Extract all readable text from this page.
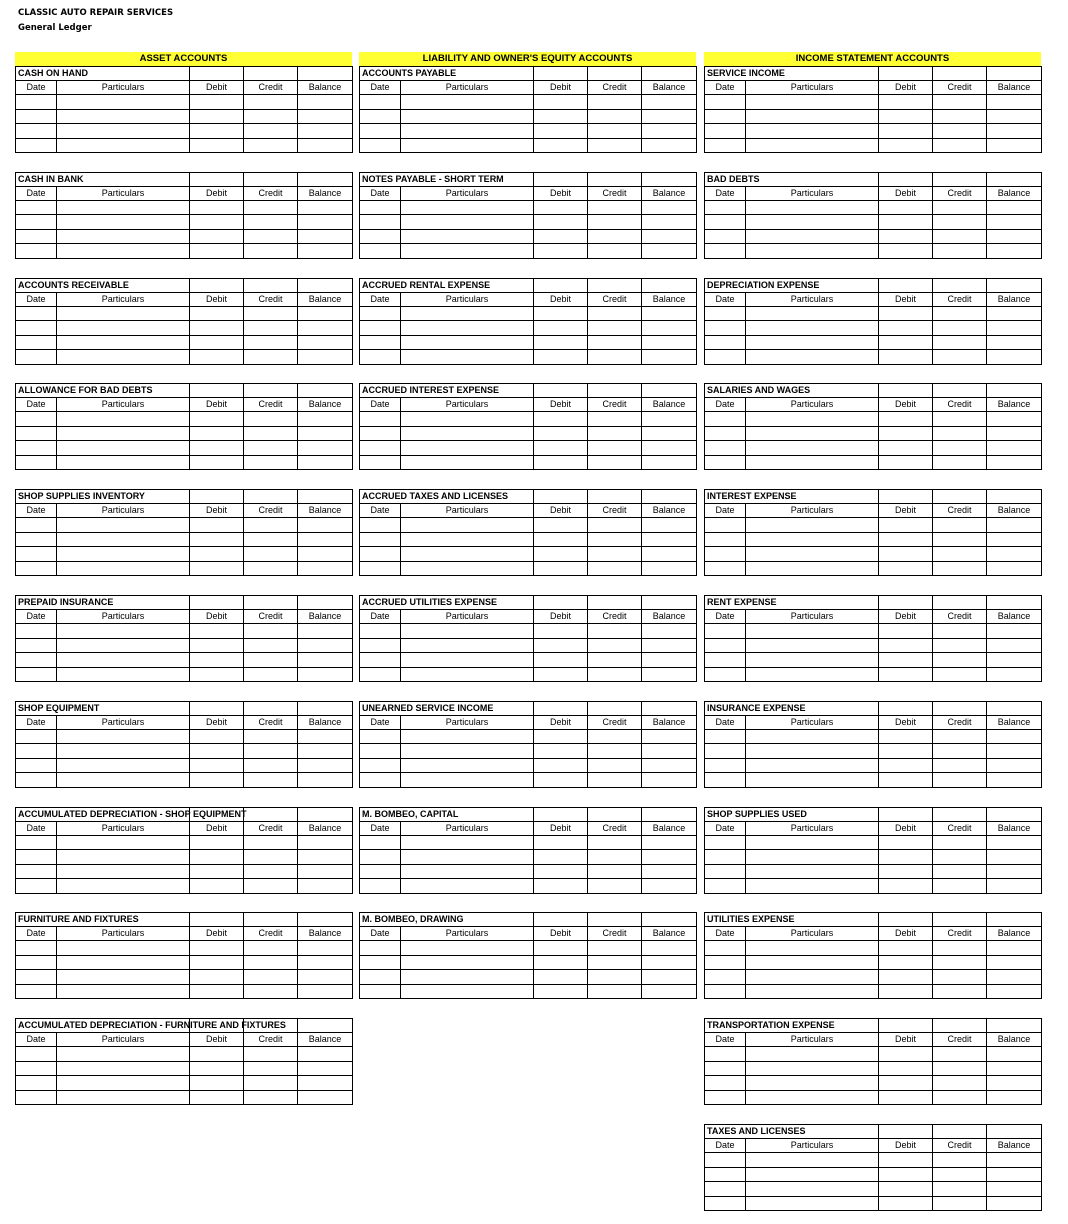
CLASSIC AUTO REPAIR SERVICES
General Ledger
ASSET ACCOUNTS
CASH ON HAND				
Date	Particulars	Debit	Credit	Balance

CASH IN BANK				
Date	Particulars	Debit	Credit	Balance

ACCOUNTS RECEIVABLE				
Date	Particulars	Debit	Credit	Balance

ALLOWANCE FOR BAD DEBTS				
Date	Particulars	Debit	Credit	Balance

SHOP SUPPLIES INVENTORY				
Date	Particulars	Debit	Credit	Balance

PREPAID INSURANCE				
Date	Particulars	Debit	Credit	Balance

SHOP EQUIPMENT				
Date	Particulars	Debit	Credit	Balance

ACCUMULATED DEPRECIATION - SHOP EQUIPMENT				
Date	Particulars	Debit	Credit	Balance

FURNITURE AND FIXTURES				
Date	Particulars	Debit	Credit	Balance

ACCUMULATED DEPRECIATION - FURNITURE AND FIXTURES				
Date	Particulars	Debit	Credit	Balance

LIABILITY AND OWNER'S EQUITY ACCOUNTS
ACCOUNTS PAYABLE				
Date	Particulars	Debit	Credit	Balance

NOTES PAYABLE - SHORT TERM				
Date	Particulars	Debit	Credit	Balance

ACCRUED RENTAL EXPENSE				
Date	Particulars	Debit	Credit	Balance

ACCRUED INTEREST EXPENSE				
Date	Particulars	Debit	Credit	Balance

ACCRUED TAXES AND LICENSES				
Date	Particulars	Debit	Credit	Balance

ACCRUED UTILITIES EXPENSE				
Date	Particulars	Debit	Credit	Balance

UNEARNED SERVICE INCOME				
Date	Particulars	Debit	Credit	Balance

M. BOMBEO, CAPITAL				
Date	Particulars	Debit	Credit	Balance

M. BOMBEO, DRAWING				
Date	Particulars	Debit	Credit	Balance

INCOME STATEMENT ACCOUNTS
SERVICE INCOME				
Date	Particulars	Debit	Credit	Balance

BAD DEBTS				
Date	Particulars	Debit	Credit	Balance

DEPRECIATION EXPENSE				
Date	Particulars	Debit	Credit	Balance

SALARIES AND WAGES				
Date	Particulars	Debit	Credit	Balance

INTEREST EXPENSE				
Date	Particulars	Debit	Credit	Balance

RENT EXPENSE				
Date	Particulars	Debit	Credit	Balance

INSURANCE EXPENSE				
Date	Particulars	Debit	Credit	Balance

SHOP SUPPLIES USED				
Date	Particulars	Debit	Credit	Balance

UTILITIES EXPENSE				
Date	Particulars	Debit	Credit	Balance

TRANSPORTATION EXPENSE				
Date	Particulars	Debit	Credit	Balance

TAXES AND LICENSES				
Date	Particulars	Debit	Credit	Balance
